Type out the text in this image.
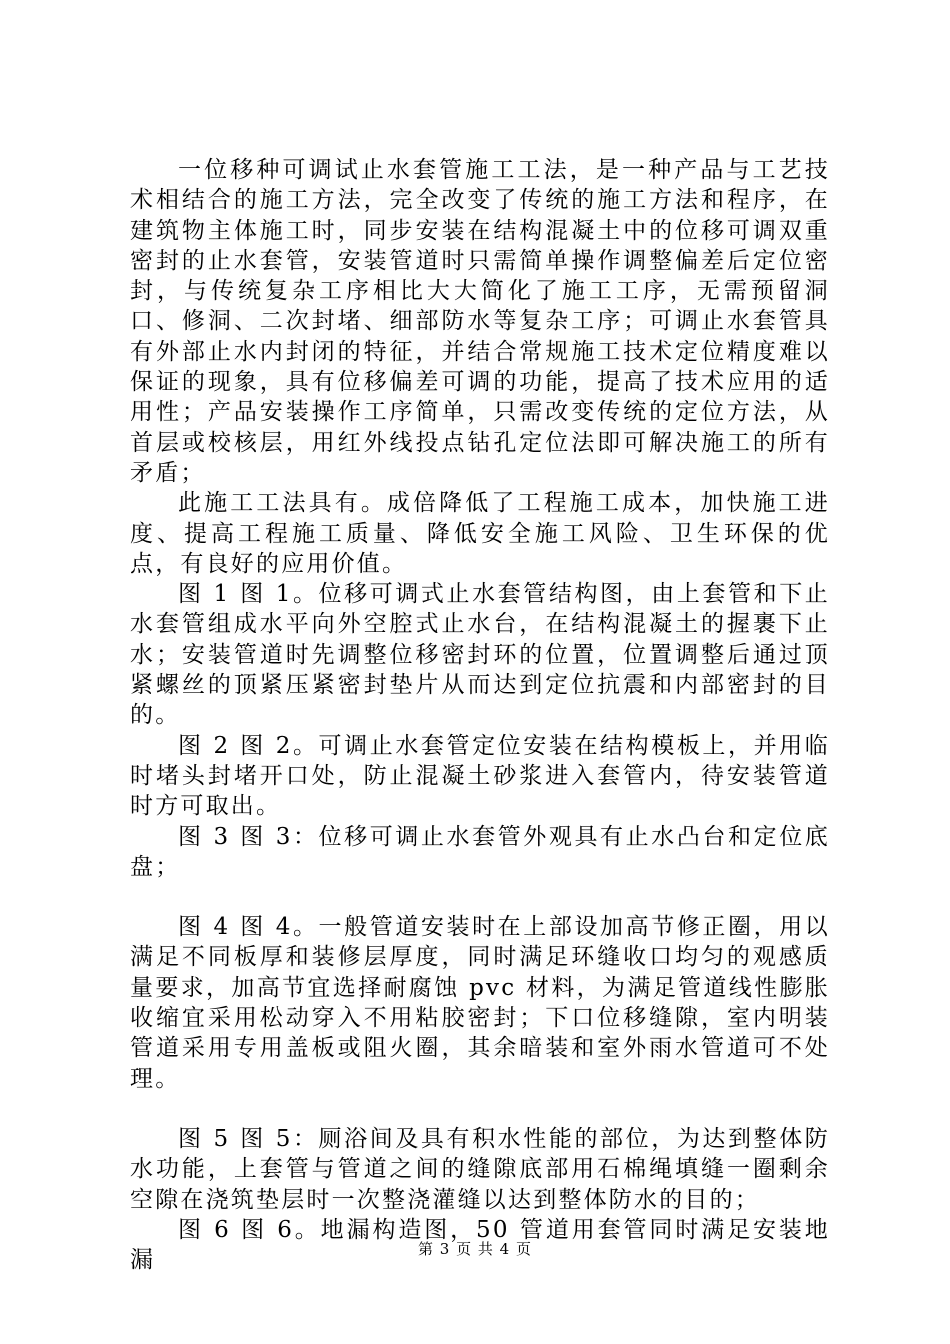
一位移种可调试止水套管施工工法，是一种产品与工艺技术相结合的施工方法，完全改变了传统的施工方法和程序，在建筑物主体施工时，同步安装在结构混凝土中的位移可调双重密封的止水套管，安装管道时只需简单操作调整偏差后定位密封，与传统复杂工序相比大大简化了施工工序，无需预留洞口、修洞、二次封堵、细部防水等复杂工序；可调止水套管具有外部止水内封闭的特征，并结合常规施工技术定位精度难以保证的现象，具有位移偏差可调的功能，提高了技术应用的适用性；产品安装操作工序简单，只需改变传统的定位方法，从首层或校核层，用红外线投点钻孔定位法即可解决施工的所有矛盾；

此施工工法具有。成倍降低了工程施工成本，加快施工进度、提高工程施工质量、降低安全施工风险、卫生环保的优点，有良好的应用价值。

图 1 图 1。位移可调式止水套管结构图，由上套管和下止水套管组成水平向外空腔式止水台，在结构混凝土的握裹下止水；安装管道时先调整位移密封环的位置，位置调整后通过顶紧螺丝的顶紧压紧密封垫片从而达到定位抗震和内部密封的目的。

图 2 图 2。可调止水套管定位安装在结构模板上，并用临时堵头封堵开口处，防止混凝土砂浆进入套管内，待安装管道时方可取出。

图 3 图 3：位移可调止水套管外观具有止水凸台和定位底盘；

图 4 图 4。一般管道安装时在上部设加高节修正圈，用以满足不同板厚和装修层厚度，同时满足环缝收口均匀的观感质量要求，加高节宜选择耐腐蚀 pvc 材料，为满足管道线性膨胀收缩宜采用松动穿入不用粘胶密封；下口位移缝隙，室内明装管道采用专用盖板或阻火圈，其余暗装和室外雨水管道可不处理。

图 5 图 5：厕浴间及具有积水性能的部位，为达到整体防水功能，上套管与管道之间的缝隙底部用石棉绳填缝一圈剩余空隙在浇筑垫层时一次整浇灌缝以达到整体防水的目的；

图 6 图 6。地漏构造图，50 管道用套管同时满足安装地漏	第 3 页 共 4 页
